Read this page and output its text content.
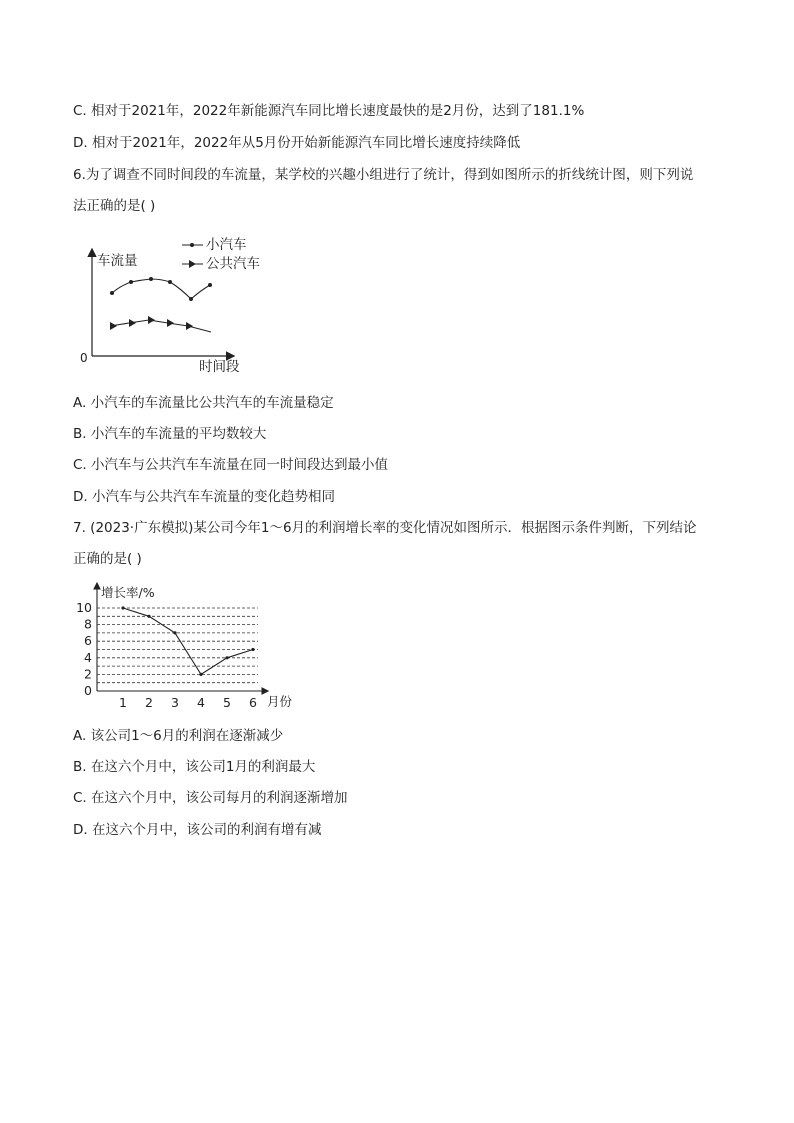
C. 相对于2021年，2022年新能源汽车同比增长速度最快的是2月份，达到了181.1%
D. 相对于2021年，2022年从5月份开始新能源汽车同比增长速度持续降低
6.为了调查不同时间段的车流量，某学校的兴趣小组进行了统计，得到如图所示的折线统计图，则下列说
法正确的是( )
车流量
时间段
0
小汽车
公共汽车
A. 小汽车的车流量比公共汽车的车流量稳定
B. 小汽车的车流量的平均数较大
C. 小汽车与公共汽车车流量在同一时间段达到最小值
D. 小汽车与公共汽车车流量的变化趋势相同
7. (2023·广东模拟)某公司今年1～6月的利润增长率的变化情况如图所示．根据图示条件判断，下列结论
正确的是( )
增长率/%
月份
0
2
4
6
8
10
1 2 3 4 5 6
A. 该公司1～6月的利润在逐渐减少
B. 在这六个月中，该公司1月的利润最大
C. 在这六个月中，该公司每月的利润逐渐增加
D. 在这六个月中，该公司的利润有增有减
